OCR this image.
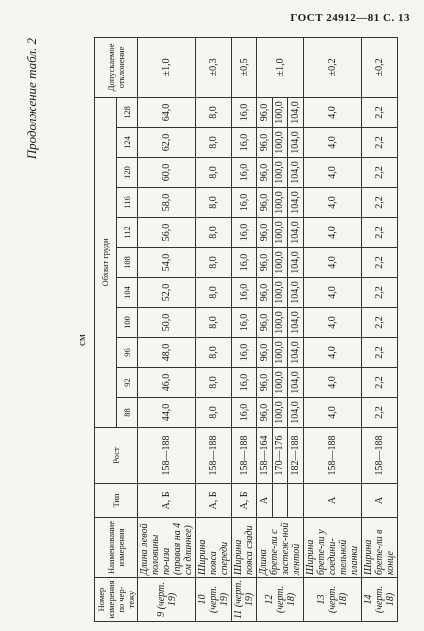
ГОСТ 24912—81 С. 13
Продолжение табл. 2
см
Номер измерения по чер-тежу	Наименование измерения	Тип	Рост	Обхват груди											Допускаемое отклонение
				88	92	96	100	104	108	112	116	120	124	128	
9 (черт. 19)	Длина левой половины по-иза (правая на 4 см длиннее)	А, Б	158—188	44,0	46,0	48,0	50,0	52,0	54,0	56,0	58,0	60,0	62,0	64,0	±1,0
10 (черт. 19)	Ширина пояса спереди	А, Б	158—188	8,0	8,0	8,0	8,0	8,0	8,0	8,0	8,0	8,0	8,0	8,0	±0,3
11 (черт. 19)	Ширина пояса сзади	А, Б	158—188	16,0	16,0	16,0	16,0	16,0	16,0	16,0	16,0	16,0	16,0	16,0	±0,5
12 (черт. 18)	Длина брете-ли с застеж-ной лентой	А	158—164	96,0	96,0	96,0	96,0	96,0	96,0	96,0	96,0	96,0	96,0	96,0	±1,0
			170—176	100,0	100,0	100,0	100,0	100,0	100,0	100,0	100,0	100,0	100,0	100,0	
			182—188	104,0	104,0	104,0	104,0	104,0	104,0	104,0	104,0	104,0	104,0	104,0	
13 (черт. 18)	Ширина брете-ли у соедини-тельной планки	А	158—188	4,0	4,0	4,0	4,0	4,0	4,0	4,0	4,0	4,0	4,0	4,0	±0,2
14 (черт. 18)	Ширина брете-ли в конце	А	158—188	2,2	2,2	2,2	2,2	2,2	2,2	2,2	2,2	2,2	2,2	2,2	±0,2
